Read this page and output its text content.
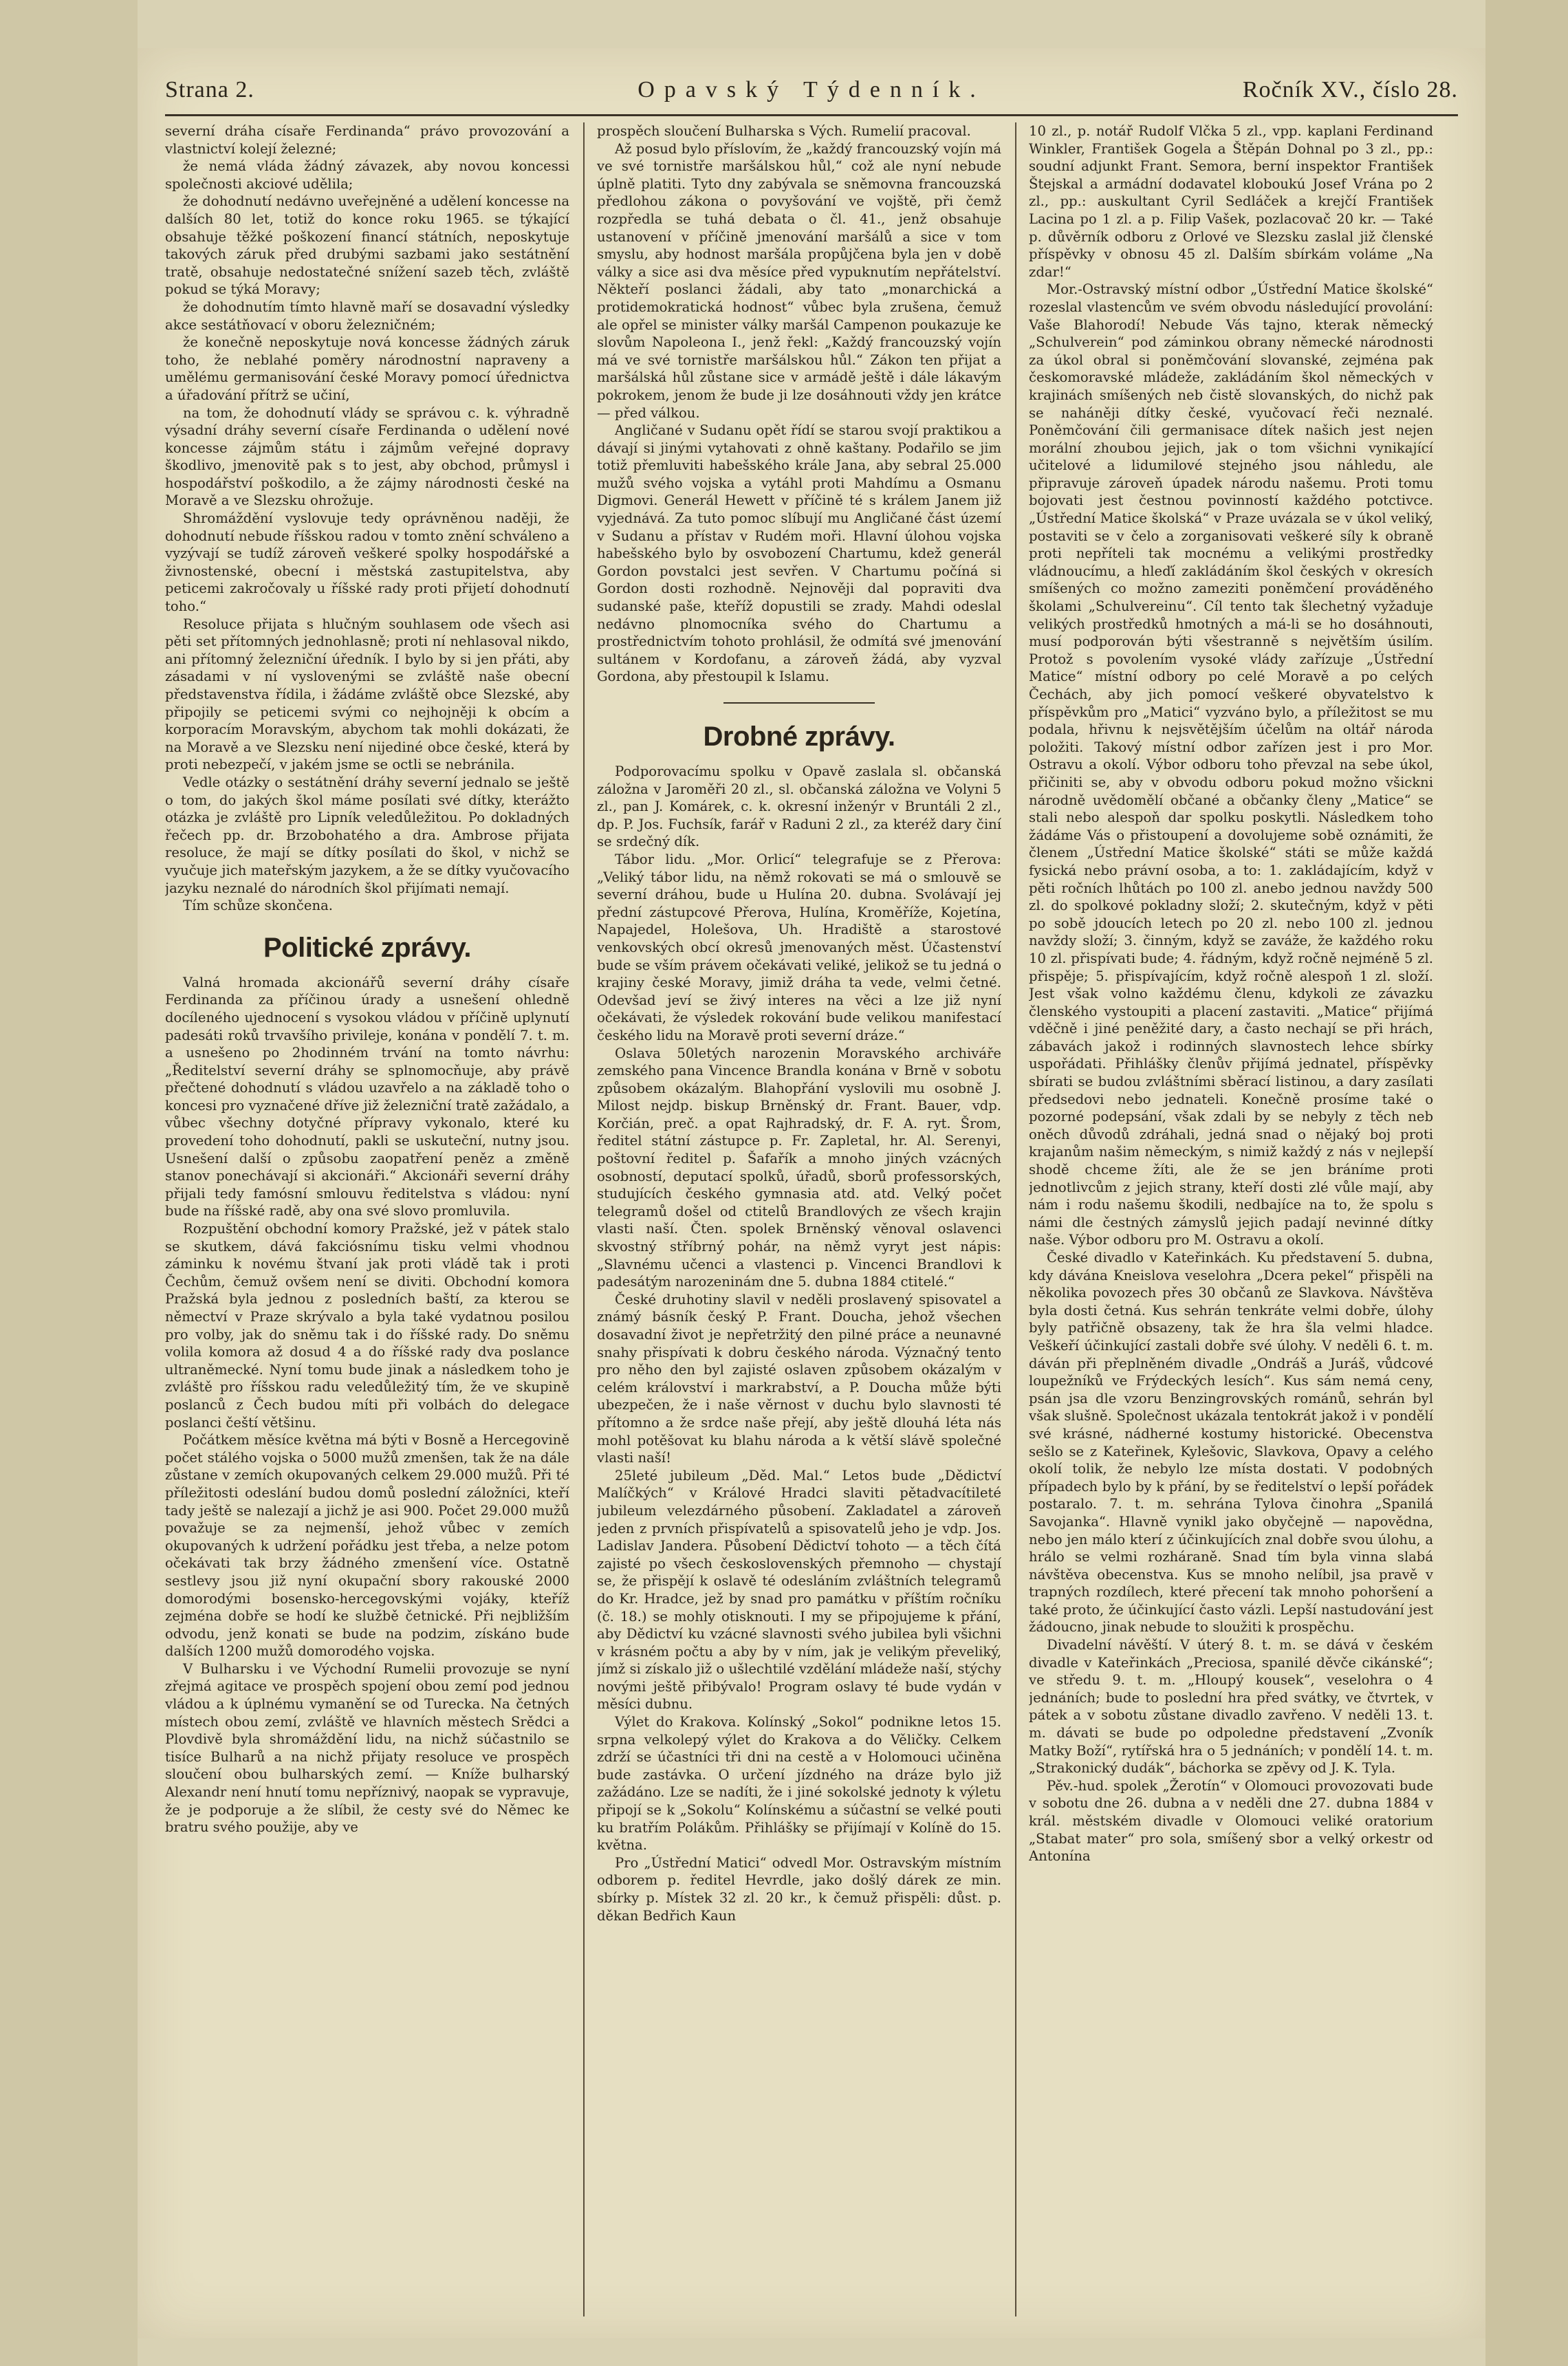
Strana 2.	Opavský Týdenník.	Ročník XV., číslo 28.

severní dráha císaře Ferdinanda“ právo provozování a vlastnictví kolejí železné;

že nemá vláda žádný závazek, aby novou koncessi společnosti akciové udělila;

že dohodnutí nedávno uveřejněné a udělení koncesse na dalších 80 let, totiž do konce roku 1965. se týkající obsahuje těžké poškození financí státních, neposkytuje takových záruk před drubými sazbami jako sestátnění tratě, obsahuje nedostatečné snížení sazeb těch, zvláště pokud se týká Moravy;

že dohodnutím tímto hlavně maří se dosavadní výsledky akce sestátňovací v oboru železničném;

že konečně neposkytuje nová koncesse žádných záruk toho, že neblahé poměry národnostní napraveny a umělému germanisování české Moravy pomocí úřednictva a úřadování přítrž se učiní,

na tom, že dohodnutí vlády se správou c. k. výhradně výsadní dráhy severní císaře Ferdinanda o udělení nové koncesse zájmům státu i zájmům veřejné dopravy škodlivo, jmenovitě pak s to jest, aby obchod, průmysl i hospodářství poškodilo, a že zájmy národnosti české na Moravě a ve Slezsku ohrožuje.

Shromáždění vyslovuje tedy oprávněnou naději, že dohodnutí nebude říšskou radou v tomto znění schváleno a vyzývají se tudíž zároveň veškeré spolky hospodářské a živnostenské, obecní i městská zastupitelstva, aby peticemi zakročovaly u říšské rady proti přijetí dohodnutí toho.“

Resoluce přijata s hlučným souhlasem ode všech asi pěti set přítomných jednohlasně; proti ní nehlasoval nikdo, ani přítomný železniční úředník. I bylo by si jen přáti, aby zásadami v ní vyslovenými se zvláště naše obecní představenstva řídila, i žádáme zvláště obce Slezské, aby připojily se peticemi svými co nejhojněji k obcím a korporacím Moravským, abychom tak mohli dokázati, že na Moravě a ve Slezsku není nijediné obce české, která by proti nebezpečí, v jakém jsme se octli se nebránila.

Vedle otázky o sestátnění dráhy severní jednalo se ještě o tom, do jakých škol máme posílati své dítky, kterážto otázka je zvláště pro Lipník veledůležitou. Po dokladných řečech pp. dr. Brzobohatého a dra. Ambrose přijata resoluce, že mají se dítky posílati do škol, v nichž se vyučuje jich mateřským jazykem, a že se dítky vyučovacího jazyku neznalé do národních škol přijímati nemají.

Tím schůze skončena.

Politické zprávy.

Valná hromada akcionářů severní dráhy císaře Ferdinanda za příčinou úrady a usnešení ohledně docíleného ujednocení s vysokou vládou v příčině uplynutí padesáti roků trvavšího privileje, konána v pondělí 7. t. m. a usnešeno po 2hodinném trvání na tomto návrhu: „Ředitelství severní dráhy se splnomocňuje, aby právě přečtené dohodnutí s vládou uzavřelo a na základě toho o koncesi pro vyznačené dříve již železniční tratě zažádalo, a vůbec všechny dotyčné přípravy vykonalo, které ku provedení toho dohodnutí, pakli se uskuteční, nutny jsou. Usnešení další o způsobu zaopatření peněz a změně stanov ponechávají si akcionáři.“ Akcionáři severní dráhy přijali tedy famósní smlouvu ředitelstva s vládou: nyní bude na říšské radě, aby ona své slovo promluvila.

Rozpuštění obchodní komory Pražské, jež v pátek stalo se skutkem, dává fakciósnímu tisku velmi vhodnou záminku k novému štvaní jak proti vládě tak i proti Čechům, čemuž ovšem není se diviti. Obchodní komora Pražská byla jednou z posledních baští, za kterou se němectví v Praze skrývalo a byla také vydatnou posilou pro volby, jak do sněmu tak i do říšské rady. Do sněmu volila komora až dosud 4 a do říšské rady dva poslance ultraněmecké. Nyní tomu bude jinak a následkem toho je zvláště pro říšskou radu veledůležitý tím, že ve skupině poslanců z Čech budou míti při volbách do delegace poslanci čeští většinu.

Počátkem měsíce května má býti v Bosně a Hercegovině počet stálého vojska o 5000 mužů zmenšen, tak že na dále zůstane v zemích okupovaných celkem 29.000 mužů. Při té příležitosti odeslání budou domů poslední záložníci, kteří tady ještě se nalezají a jichž je asi 900. Počet 29.000 mužů považuje se za nejmenší, jehož vůbec v zemích okupovaných k udržení pořádku jest třeba, a nelze potom očekávati tak brzy žádného zmenšení více. Ostatně sestlevy jsou již nyní okupační sbory rakouské 2000 domorodými bosensko-hercegovskými vojáky, kteříž zejména dobře se hodí ke službě četnické. Při nejbližším odvodu, jenž konati se bude na podzim, získáno bude dalších 1200 mužů domorodého vojska.

V Bulharsku i ve Východní Rumelii provozuje se nyní zřejmá agitace ve prospěch spojení obou zemí pod jednou vládou a k úplnému vymanění se od Turecka. Na četných místech obou zemí, zvláště ve hlavních městech Srědci a Plovdivě byla shromáždění lidu, na nichž súčastnilo se tisíce Bulharů a na nichž přijaty resoluce ve prospěch sloučení obou bulharských zemí. — Kníže bulharský Alexandr není hnutí tomu nepříznivý, naopak se vypravuje, že je podporuje a že slíbil, že cesty své do Němec ke bratru svého použije, aby ve

prospěch sloučení Bulharska s Vých. Rumelií pracoval.

Až posud bylo příslovím, že „každý francouzský vojín má ve své tornistře maršálskou hůl,“ což ale nyní nebude úplně platiti. Tyto dny zabývala se sněmovna francouzská předlohou zákona o povyšování ve vojště, při čemž rozpředla se tuhá debata o čl. 41., jenž obsahuje ustanovení v příčině jmenování maršálů a sice v tom smyslu, aby hodnost maršála propůjčena byla jen v době války a sice asi dva měsíce před vypuknutím nepřátelství. Někteří poslanci žádali, aby tato „monarchická a protidemokratická hodnost“ vůbec byla zrušena, čemuž ale opřel se minister války maršál Campenon poukazuje ke slovům Napoleona I., jenž řekl: „Každý francouzský vojín má ve své tornistře maršálskou hůl.“ Zákon ten přijat a maršálská hůl zůstane sice v armádě ještě i dále lákavým pokrokem, jenom že bude ji lze dosáhnouti vždy jen krátce — před válkou.

Angličané v Sudanu opět řídí se starou svojí praktikou a dávají si jinými vytahovati z ohně kaštany. Podařilo se jim totiž přemluviti habešského krále Jana, aby sebral 25.000 mužů svého vojska a vytáhl proti Mahdímu a Osmanu Digmovi. Generál Hewett v příčině té s králem Janem již vyjednává. Za tuto pomoc slíbují mu Angličané část území v Sudanu a přístav v Rudém moři. Hlavní úlohou vojska habešského bylo by osvobození Chartumu, kdež generál Gordon povstalci jest sevřen. V Chartumu počíná si Gordon dosti rozhodně. Nejnověji dal popraviti dva sudanské paše, kteříž dopustili se zrady. Mahdi odeslal nedávno plnomocníka svého do Chartumu a prostřednictvím tohoto prohlásil, že odmítá své jmenování sultánem v Kordofanu, a zároveň žádá, aby vyzval Gordona, aby přestoupil k Islamu.

Drobné zprávy.

Podporovacímu spolku v Opavě zaslala sl. občanská záložna v Jaroměři 20 zl., sl. občanská záložna ve Volyni 5 zl., pan J. Komárek, c. k. okresní inženýr v Bruntáli 2 zl., dp. P. Jos. Fuchsík, farář v Raduni 2 zl., za kteréž dary činí se srdečný dík.

Tábor lidu. „Mor. Orlicí“ telegrafuje se z Přerova: „Veliký tábor lidu, na němž rokovati se má o smlouvě se severní dráhou, bude u Hulína 20. dubna. Svolávají jej přední zástupcové Přerova, Hulína, Kroměříže, Kojetína, Napajedel, Holešova, Uh. Hradiště a starostové venkovských obcí okresů jmenovaných měst. Účastenství bude se vším právem očekávati veliké, jelikož se tu jedná o krajiny české Moravy, jimiž dráha ta vede, velmi četné. Odevšad jeví se živý interes na věci a lze již nyní očekávati, že výsledek rokování bude velikou manifestací českého lidu na Moravě proti severní dráze.“

Oslava 50letých narozenin Moravského archiváře zemského pana Vincence Brandla konána v Brně v sobotu způsobem okázalým. Blahopřání vyslovili mu osobně J. Milost nejdp. biskup Brněnský dr. Frant. Bauer, vdp. Korčián, preč. a opat Rajhradský, dr. F. A. ryt. Šrom, ředitel státní zástupce p. Fr. Zapletal, hr. Al. Serenyi, poštovní ředitel p. Šafařík a mnoho jiných vzácných osobností, deputací spolků, úřadů, sborů professorských, studujících českého gymnasia atd. atd. Velký počet telegramů došel od ctitelů Brandlových ze všech krajin vlasti naší. Čten. spolek Brněnský věnoval oslavenci skvostný stříbrný pohár, na němž vyryt jest nápis: „Slavnému učenci a vlastenci p. Vincenci Brandlovi k padesátým narozeninám dne 5. dubna 1884 ctitelé.“

České druhotiny slavil v neděli proslavený spisovatel a známý básník český P. Frant. Doucha, jehož všechen dosavadní život je nepřetržitý den pilné práce a neunavné snahy přispívati k dobru českého národa. Význačný tento pro něho den byl zajisté oslaven způsobem okázalým v celém království i markrabství, a P. Doucha může býti ubezpečen, že i naše věrnost v duchu bylo slavnosti té přítomno a že srdce naše přejí, aby ještě dlouhá léta nás mohl potěšovat ku blahu národa a k větší slávě společné vlasti naší!

25leté jubileum „Děd. Mal.“ Letos bude „Dědictví Malíčkých“ v Králové Hradci slaviti pětadvacítileté jubileum velezdárného působení. Zakladatel a zároveň jeden z prvních přispívatelů a spisovatelů jeho je vdp. Jos. Ladislav Jandera. Působení Dědictví tohoto — a těch čítá zajisté po všech československých přemnoho — chystají se, že přispějí k oslavě té odesláním zvláštních telegramů do Kr. Hradce, jež by snad pro památku v příštím ročníku (č. 18.) se mohly otisknouti. I my se připojujeme k přání, aby Dědictví ku vzácné slavnosti svého jubilea byli všichni v krásném počtu a aby by v ním, jak je velikým převeliký, jímž si získalo již o ušlechtilé vzdělání mládeže naší, stýchy novými ještě přibývalo! Program oslavy té bude vydán v měsíci dubnu.

Výlet do Krakova. Kolínský „Sokol“ podnikne letos 15. srpna velkolepý výlet do Krakova a do Věličky. Celkem zdrží se účastníci tři dni na cestě a v Holomouci učiněna bude zastávka. O určení jízdného na dráze bylo již zažádáno. Lze se nadíti, že i jiné sokolské jednoty k výletu připojí se k „Sokolu“ Kolínskému a súčastní se velké pouti ku bratřím Polákům. Přihlášky se přijímají v Kolíně do 15. května.

Pro „Ústřední Matici“ odvedl Mor. Ostravským místním odborem p. ředitel Hevrdle, jako došlý dárek ze min. sbírky p. Místek 32 zl. 20 kr., k čemuž přispěli: důst. p. děkan Bedřich Kaun

10 zl., p. notář Rudolf Vlčka 5 zl., vpp. kaplani Ferdinand Winkler, František Gogela a Štěpán Dohnal po 3 zl., pp.: soudní adjunkt Frant. Semora, berní inspektor František Štejskal a armádní dodavatel kloboukú Josef Vrána po 2 zl., pp.: auskultant Cyril Sedláček a krejčí František Lacina po 1 zl. a p. Filip Vašek, pozlacovač 20 kr. — Také p. důvěrník odboru z Orlové ve Slezsku zaslal již členské příspěvky v obnosu 45 zl. Dalším sbírkám voláme „Na zdar!“

Mor.-Ostravský místní odbor „Ústřední Matice školské“ rozeslal vlastencům ve svém obvodu následující provolání: Vaše Blahorodí! Nebude Vás tajno, kterak německý „Schulverein“ pod záminkou obrany německé národnosti za úkol obral si poněmčování slovanské, zejména pak českomoravské mládeže, zakládáním škol německých v krajinách smíšených neb čistě slovanských, do nichž pak se naháněji dítky české, vyučovací řeči neznalé. Poněmčování čili germanisace dítek našich jest nejen morální zhoubou jejich, jak o tom všichni vynikající učitelové a lidumilové stejného jsou náhledu, ale připravuje zároveň úpadek národu našemu. Proti tomu bojovati jest čestnou povinností každého potctivce. „Ústřední Matice školská“ v Praze uvázala se v úkol veliký, postaviti se v čelo a zorganisovati veškeré síly k obraně proti nepříteli tak mocnému a velikými prostředky vládnoucímu, a hleďí zakládáním škol českých v okresích smíšených co možno zameziti poněmčení prováděného školami „Schulvereinu“. Cíl tento tak šlechetný vyžaduje velikých prostředků hmotných a má-li se ho dosáhnouti, musí podporován býti všestranně s největším úsilím. Protož s povolením vysoké vlády zařízuje „Ústřední Matice“ místní odbory po celé Moravě a po celých Čechách, aby jich pomocí veškeré obyvatelstvo k příspěvkům pro „Matici“ vyzváno bylo, a příležitost se mu podala, hřivnu k nejsvětějším účelům na oltář národa položiti. Takový místní odbor zařízen jest i pro Mor. Ostravu a okolí. Výbor odboru toho převzal na sebe úkol, přičiniti se, aby v obvodu odboru pokud možno všickni národně uvědomělí občané a občanky členy „Matice“ se stali nebo alespoň dar spolku poskytli. Následkem toho žádáme Vás o přistoupení a dovolujeme sobě oznámiti, že členem „Ústřední Matice školské“ státi se může každá fysická nebo právní osoba, a to: 1. zakládajícím, když v pěti ročních lhůtách po 100 zl. anebo jednou navždy 500 zl. do spolkové pokladny složí; 2. skutečným, když v pěti po sobě jdoucích letech po 20 zl. nebo 100 zl. jednou navždy složí; 3. činným, když se zaváže, že každého roku 10 zl. přispívati bude; 4. řádným, když ročně nejméně 5 zl. přispěje; 5. přispívajícím, když ročně alespoň 1 zl. složí. Jest však volno každému členu, kdykoli ze závazku členského vystoupiti a placení zastaviti. „Matice“ přijímá vděčně i jiné peněžité dary, a často nechají se při hrách, zábavách jakož i rodinných slavnostech lehce sbírky uspořádati. Přihlášky členův přijímá jednatel, příspěvky sbírati se budou zvláštními sběrací listinou, a dary zasílati předsedovi nebo jednateli. Konečně prosíme také o pozorné podepsání, však zdali by se nebyly z těch neb oněch důvodů zdráhali, jedná snad o nějaký boj proti krajanům našim německým, s nimiž každý z nás v nejlepší shodě chceme žíti, ale že se jen bráníme proti jednotlivcům z jejich strany, kteří dosti zlé vůle mají, aby nám i rodu našemu škodili, nedbajíce na to, že spolu s námi dle čestných zámyslů jejich padají nevinné dítky naše. Výbor odboru pro M. Ostravu a okolí.

České divadlo v Kateřinkách. Ku představení 5. dubna, kdy dávána Kneislova veselohra „Dcera pekel“ přispěli na několika povozech přes 30 občanů ze Slavkova. Návštěva byla dosti četná. Kus sehrán tenkráte velmi dobře, úlohy byly patřičně obsazeny, tak že hra šla velmi hladce. Veškeří účinkující zastali dobře své úlohy. V neděli 6. t. m. dáván při přeplněném divadle „Ondráš a Juráš, vůdcové loupežníků ve Frýdeckých lesích“. Kus sám nemá ceny, psán jsa dle vzoru Benzingrovských románů, sehrán byl však slušně. Společnost ukázala tentokrát jakož i v pondělí své krásné, nádherné kostumy historické. Obecenstva sešlo se z Kateřinek, Kylešovic, Slavkova, Opavy a celého okolí tolik, že nebylo lze místa dostati. V podobných případech bylo by k přání, by se ředitelství o lepší pořádek postaralo. 7. t. m. sehrána Tylova činohra „Spanilá Savojanka“. Hlavně vynikl jako obyčejně — napovědna, nebo jen málo kterí z účinkujících znal dobře svou úlohu, a hrálo se velmi rozháraně. Snad tím byla vinna slabá návštěva obecenstva. Kus se mnoho nelíbil, jsa pravě v trapných rozdílech, které přecení tak mnoho pohoršení a také proto, že účinkující často vázli. Lepší nastudování jest žádoucno, jinak nebude to sloužiti k prospěchu.

Divadelní návěští. V úterý 8. t. m. se dává v českém divadle v Kateřinkách „Preciosa, spanilé děvče cikánské“; ve středu 9. t. m. „Hloupý kousek“, veselohra o 4 jednáních; bude to poslední hra před svátky, ve čtvrtek, v pátek a v sobotu zůstane divadlo zavřeno. V neděli 13. t. m. dávati se bude po odpoledne představení „Zvoník Matky Boží“, rytířská hra o 5 jednáních; v pondělí 14. t. m. „Strakonický dudák“, báchorka se zpěvy od J. K. Tyla.

Pěv.-hud. spolek „Žerotín“ v Olomouci provozovati bude v sobotu dne 26. dubna a v neděli dne 27. dubna 1884 v král. městském divadle v Olomouci veliké oratorium „Stabat mater“ pro sola, smíšený sbor a velký orkestr od Antonína
